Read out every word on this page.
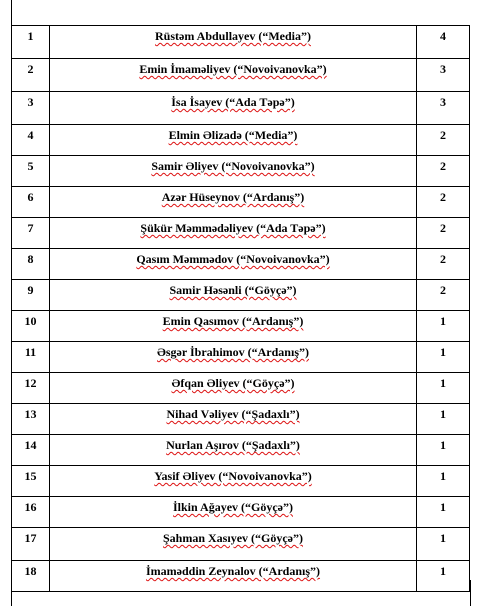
1	Rüstəm Abdullayev (“Media”)	4
2	Emin İmaməliyev (“Novoivanovka”)	3
3	İsa İsayev (“Ada Təpə”)	3
4	Elmin Əlizadə (“Media”)	2
5	Samir Əliyev (“Novoivanovka”)	2
6	Azər Hüseynov (“Ardanış”)	2
7	Şükür Məmmədəliyev (“Ada Təpə”)	2
8	Qasım Məmmədov (“Novoivanovka”)	2
9	Samir Həsənli (“Göyçə”)	2
10	Emin Qasımov (“Ardanış”)	1
11	Əsgər İbrahimov (“Ardanış”)	1
12	Əfqan Əliyev (“Göyçə”)	1
13	Nihad Vəliyev (“Şadaxlı”)	1
14	Nurlan Aşırov (“Şadaxlı”)	1
15	Yasif Əliyev (“Novoivanovka”)	1
16	İlkin Ağayev (“Göyçə”)	1
17	Şahman Xasıyev (“Göyçə”)	1
18	İmaməddin Zeynalov (“Ardanış”)	1
